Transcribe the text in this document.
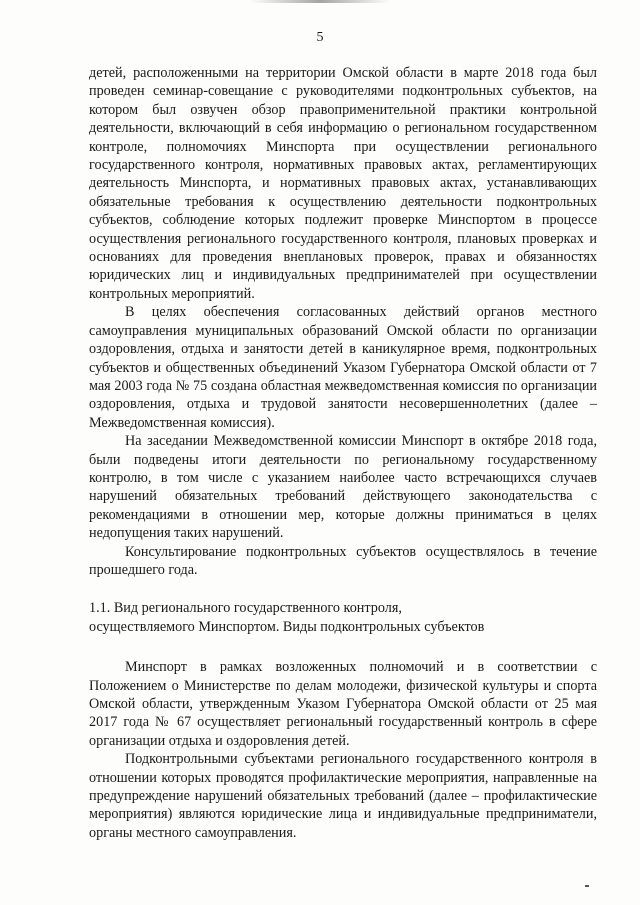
5

детей, расположенными на территории Омской области в марте 2018 года был проведен семинар-совещание с руководителями подконтрольных субъектов, на котором был озвучен обзор правоприменительной практики контрольной деятельности, включающий в себя информацию о региональном государственном контроле, полномочиях Минспорта при осуществлении регионального государственного контроля, нормативных правовых актах, регламентирующих деятельность Минспорта, и нормативных правовых актах, устанавливающих обязательные требования к осуществлению деятельности подконтрольных субъектов, соблюдение которых подлежит проверке Минспортом в процессе осуществления регионального государственного контроля, плановых проверках и основаниях для проведения внеплановых проверок, правах и обязанностях юридических лиц и индивидуальных предпринимателей при осуществлении контрольных мероприятий.

В целях обеспечения согласованных действий органов местного самоуправления муниципальных образований Омской области по организации оздоровления, отдыха и занятости детей в каникулярное время, подконтрольных субъектов и общественных объединений Указом Губернатора Омской области от 7 мая 2003 года № 75 создана областная межведомственная комиссия по организации оздоровления, отдыха и трудовой занятости несовершеннолетних (далее – Межведомственная комиссия).

На заседании Межведомственной комиссии Минспорт в октябре 2018 года, были подведены итоги деятельности по региональному государственному контролю, в том числе с указанием наиболее часто встречающихся случаев нарушений обязательных требований действующего законодательства с рекомендациями в отношении мер, которые должны приниматься в целях недопущения таких нарушений.

Консультирование подконтрольных субъектов осуществлялось в течение прошедшего года.

1.1. Вид регионального государственного контроля,

осуществляемого Минспортом. Виды подконтрольных субъектов

Минспорт в рамках возложенных полномочий и в соответствии с Положением о Министерстве по делам молодежи, физической культуры и спорта Омской области, утвержденным Указом Губернатора Омской области от 25 мая 2017 года № 67 осуществляет региональный государственный контроль в сфере организации отдыха и оздоровления детей.

Подконтрольными субъектами регионального государственного контроля в отношении которых проводятся профилактические мероприятия, направленные на предупреждение нарушений обязательных требований (далее – профилактические мероприятия) являются юридические лица и индивидуальные предприниматели, органы местного самоуправления.
